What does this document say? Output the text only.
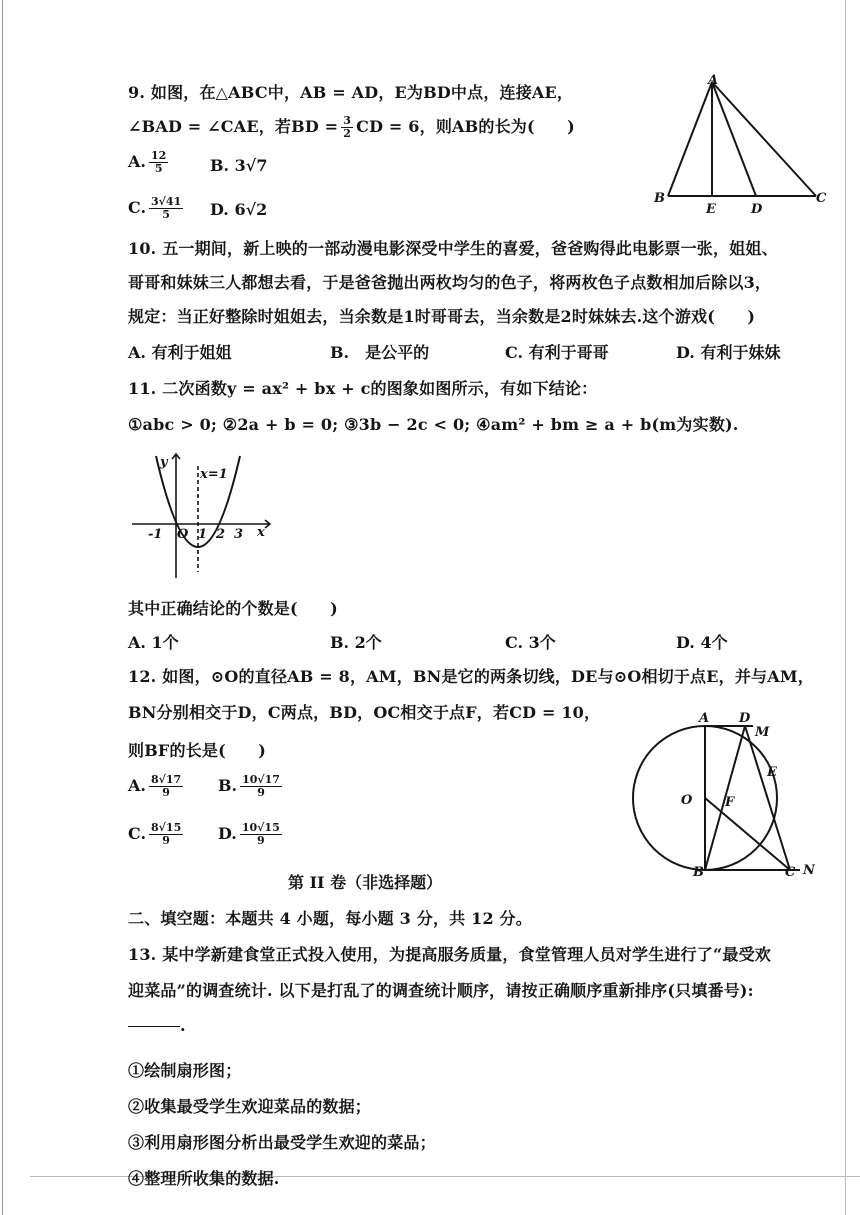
9. 如图，在△ABC中，AB = AD，E为BD中点，连接AE，
∠BAD = ∠CAE，若BD = $\frac{3}{2}$ CD = 6，则AB的长为(　　)
A. $\frac{12}{5}$	B. 3√7
C. $\frac{3√41}{5} D$. 6√2
A
B
E	D
C
10. 五一期间，新上映的一部动漫电影深受中学生的喜爱，爸爸购得此电影票一张，姐姐、
哥哥和妹妹三人都想去看，于是爸爸抛出两枚均匀的色子，将两枚色子点数相加后除以3，
规定：当正好整除时姐姐去，当余数是1时哥哥去，当余数是2时妹妹去.这个游戏(　　)
A. 有利于姐姐	B.　是公平的	C. 有利于哥哥	D. 有利于妹妹
11. 二次函数y = ax² + bx + c的图象如图所示，有如下结论：
①abc > 0; ②2a + b = 0; ③3b − 2c < 0; ④am² + bm ≥ a + b(m为实数).
y
x
x=1
-1 O 1 2 3
其中正确结论的个数是(　　)
A. 1个	B. 2个	C. 3个	D. 4个
12. 如图，⊙O的直径AB = 8，AM，BN是它的两条切线，DE与⊙O相切于点E，并与AM，
BN分别相交于D，C两点，BD，OC相交于点F，若CD = 10，
则BF的长是(　　)
A. $\frac{8√17}{9} B$. $\frac{10√17}{9}$
C. $\frac{8√15}{9} D$. $\frac{10√15}{9}$
A D
M
E
O	F
B	C N
第 II 卷（非选择题）
二、填空题：本题共 4 小题，每小题 3 分，共 12 分。
13. 某中学新建食堂正式投入使用，为提高服务质量，食堂管理人员对学生进行了“最受欢
迎菜品”的调查统计. 以下是打乱了的调查统计顺序，请按正确顺序重新排序(只填番号):
.
①绘制扇形图；
②收集最受学生欢迎菜品的数据；
③利用扇形图分析出最受学生欢迎的菜品；
④整理所收集的数据.
